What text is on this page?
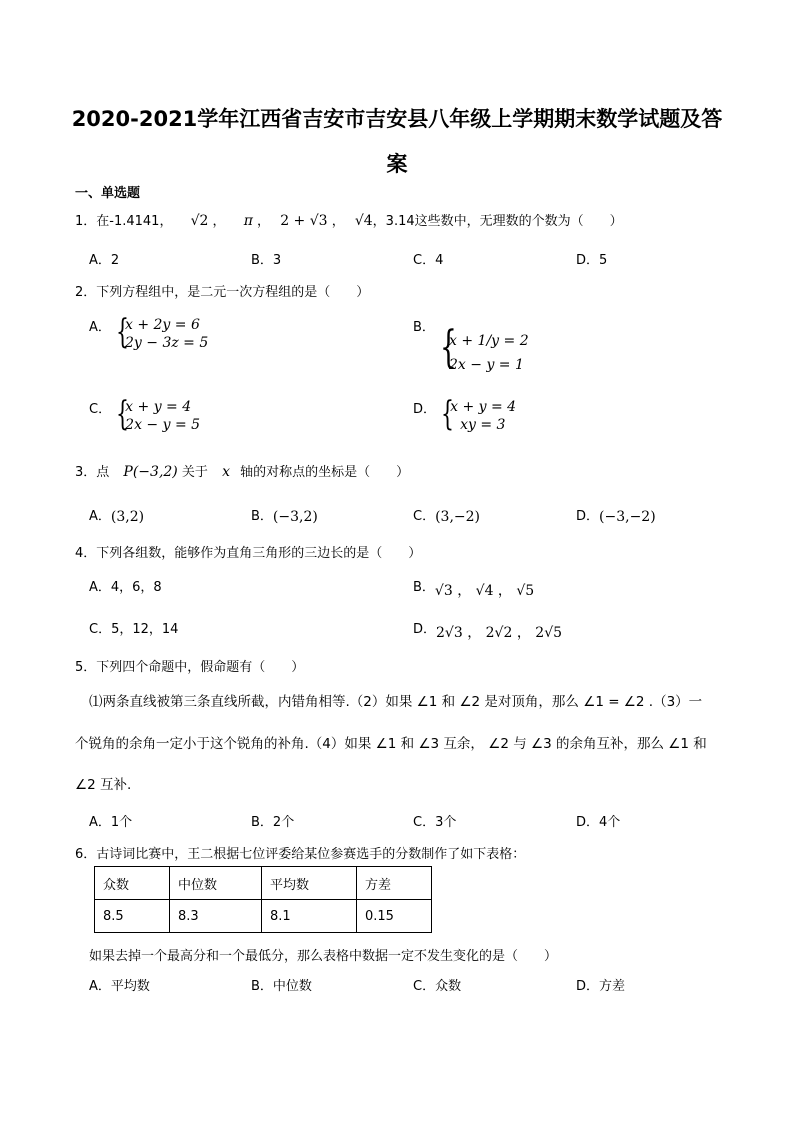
2020-2021学年江西省吉安市吉安县八年级上学期期末数学试题及答
案
一、单选题
1．在-1.4141， √2 ， π ， 2 + √3 ， √4，3.14这些数中，无理数的个数为（　　）
A．2	B．3	C．4	D．5
2．下列方程组中，是二元一次方程组的是（　　）
$^{A.}$ {
x + 2y = 6
2y − 3z = 5
$^{B.}$ {
x + 1/y = 2
2x − y = 1
$^{C.}$ {
x + y = 4
2x − y = 5
$^{D.}$ {
x + y = 4
xy = 3
3．点 P(−3,2) 关于 x 轴的对称点的坐标是（　　）
A．(3,2)	B．(−3,2)	C．(3,−2)	D．(−3,−2)
4．下列各组数，能够作为直角三角形的三边长的是（　　）
A．4，6，8	B．√3 ， √4 ， √5
C．5，12，14	D．2√3 ， 2√2 ， 2√5
5．下列四个命题中，假命题有（　　）
⑴两条直线被第三条直线所截，内错角相等.（2）如果 ∠1 和 ∠2 是对顶角，那么 ∠1 = ∠2 .（3）一
个锐角的余角一定小于这个锐角的补角.（4）如果 ∠1 和 ∠3 互余， ∠2 与 ∠3 的余角互补，那么 ∠1 和
∠2 互补.
A．1个	B．2个	C．3个	D．4个
6．古诗词比赛中，王二根据七位评委给某位参赛选手的分数制作了如下表格：
众数	中位数	平均数	方差
8.5	8.3	8.1	0.15
如果去掉一个最高分和一个最低分，那么表格中数据一定不发生变化的是（　　）
A．平均数	B．中位数	C．众数	D．方差
